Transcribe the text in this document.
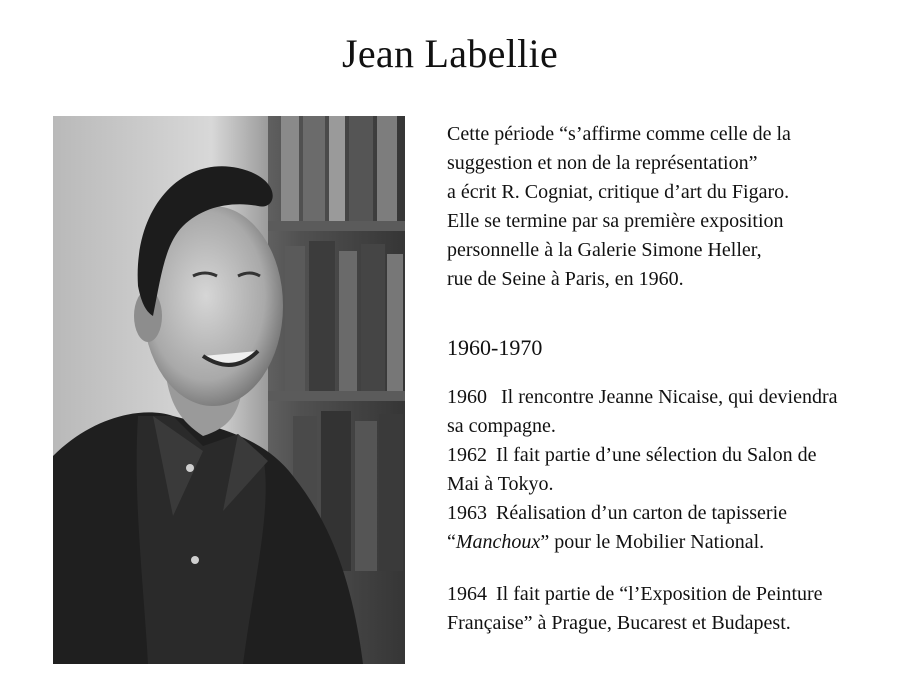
Jean Labellie
Cette période “s’affirme comme celle de la
suggestion et non de la représentation”
a écrit R. Cogniat, critique d’art du Figaro.
Elle se termine par sa première exposition
personnelle à la Galerie Simone Heller,
rue de Seine à Paris, en 1960.
1960-1970
1960 Il rencontre Jeanne Nicaise, qui deviendra
sa compagne.
1962 Il fait partie d’une sélection du Salon de
Mai à Tokyo.
1963 Réalisation d’un carton de tapisserie
“Manchoux” pour le Mobilier National.
1964 Il fait partie de “l’Exposition de Peinture
Française” à Prague, Bucarest et Budapest.
